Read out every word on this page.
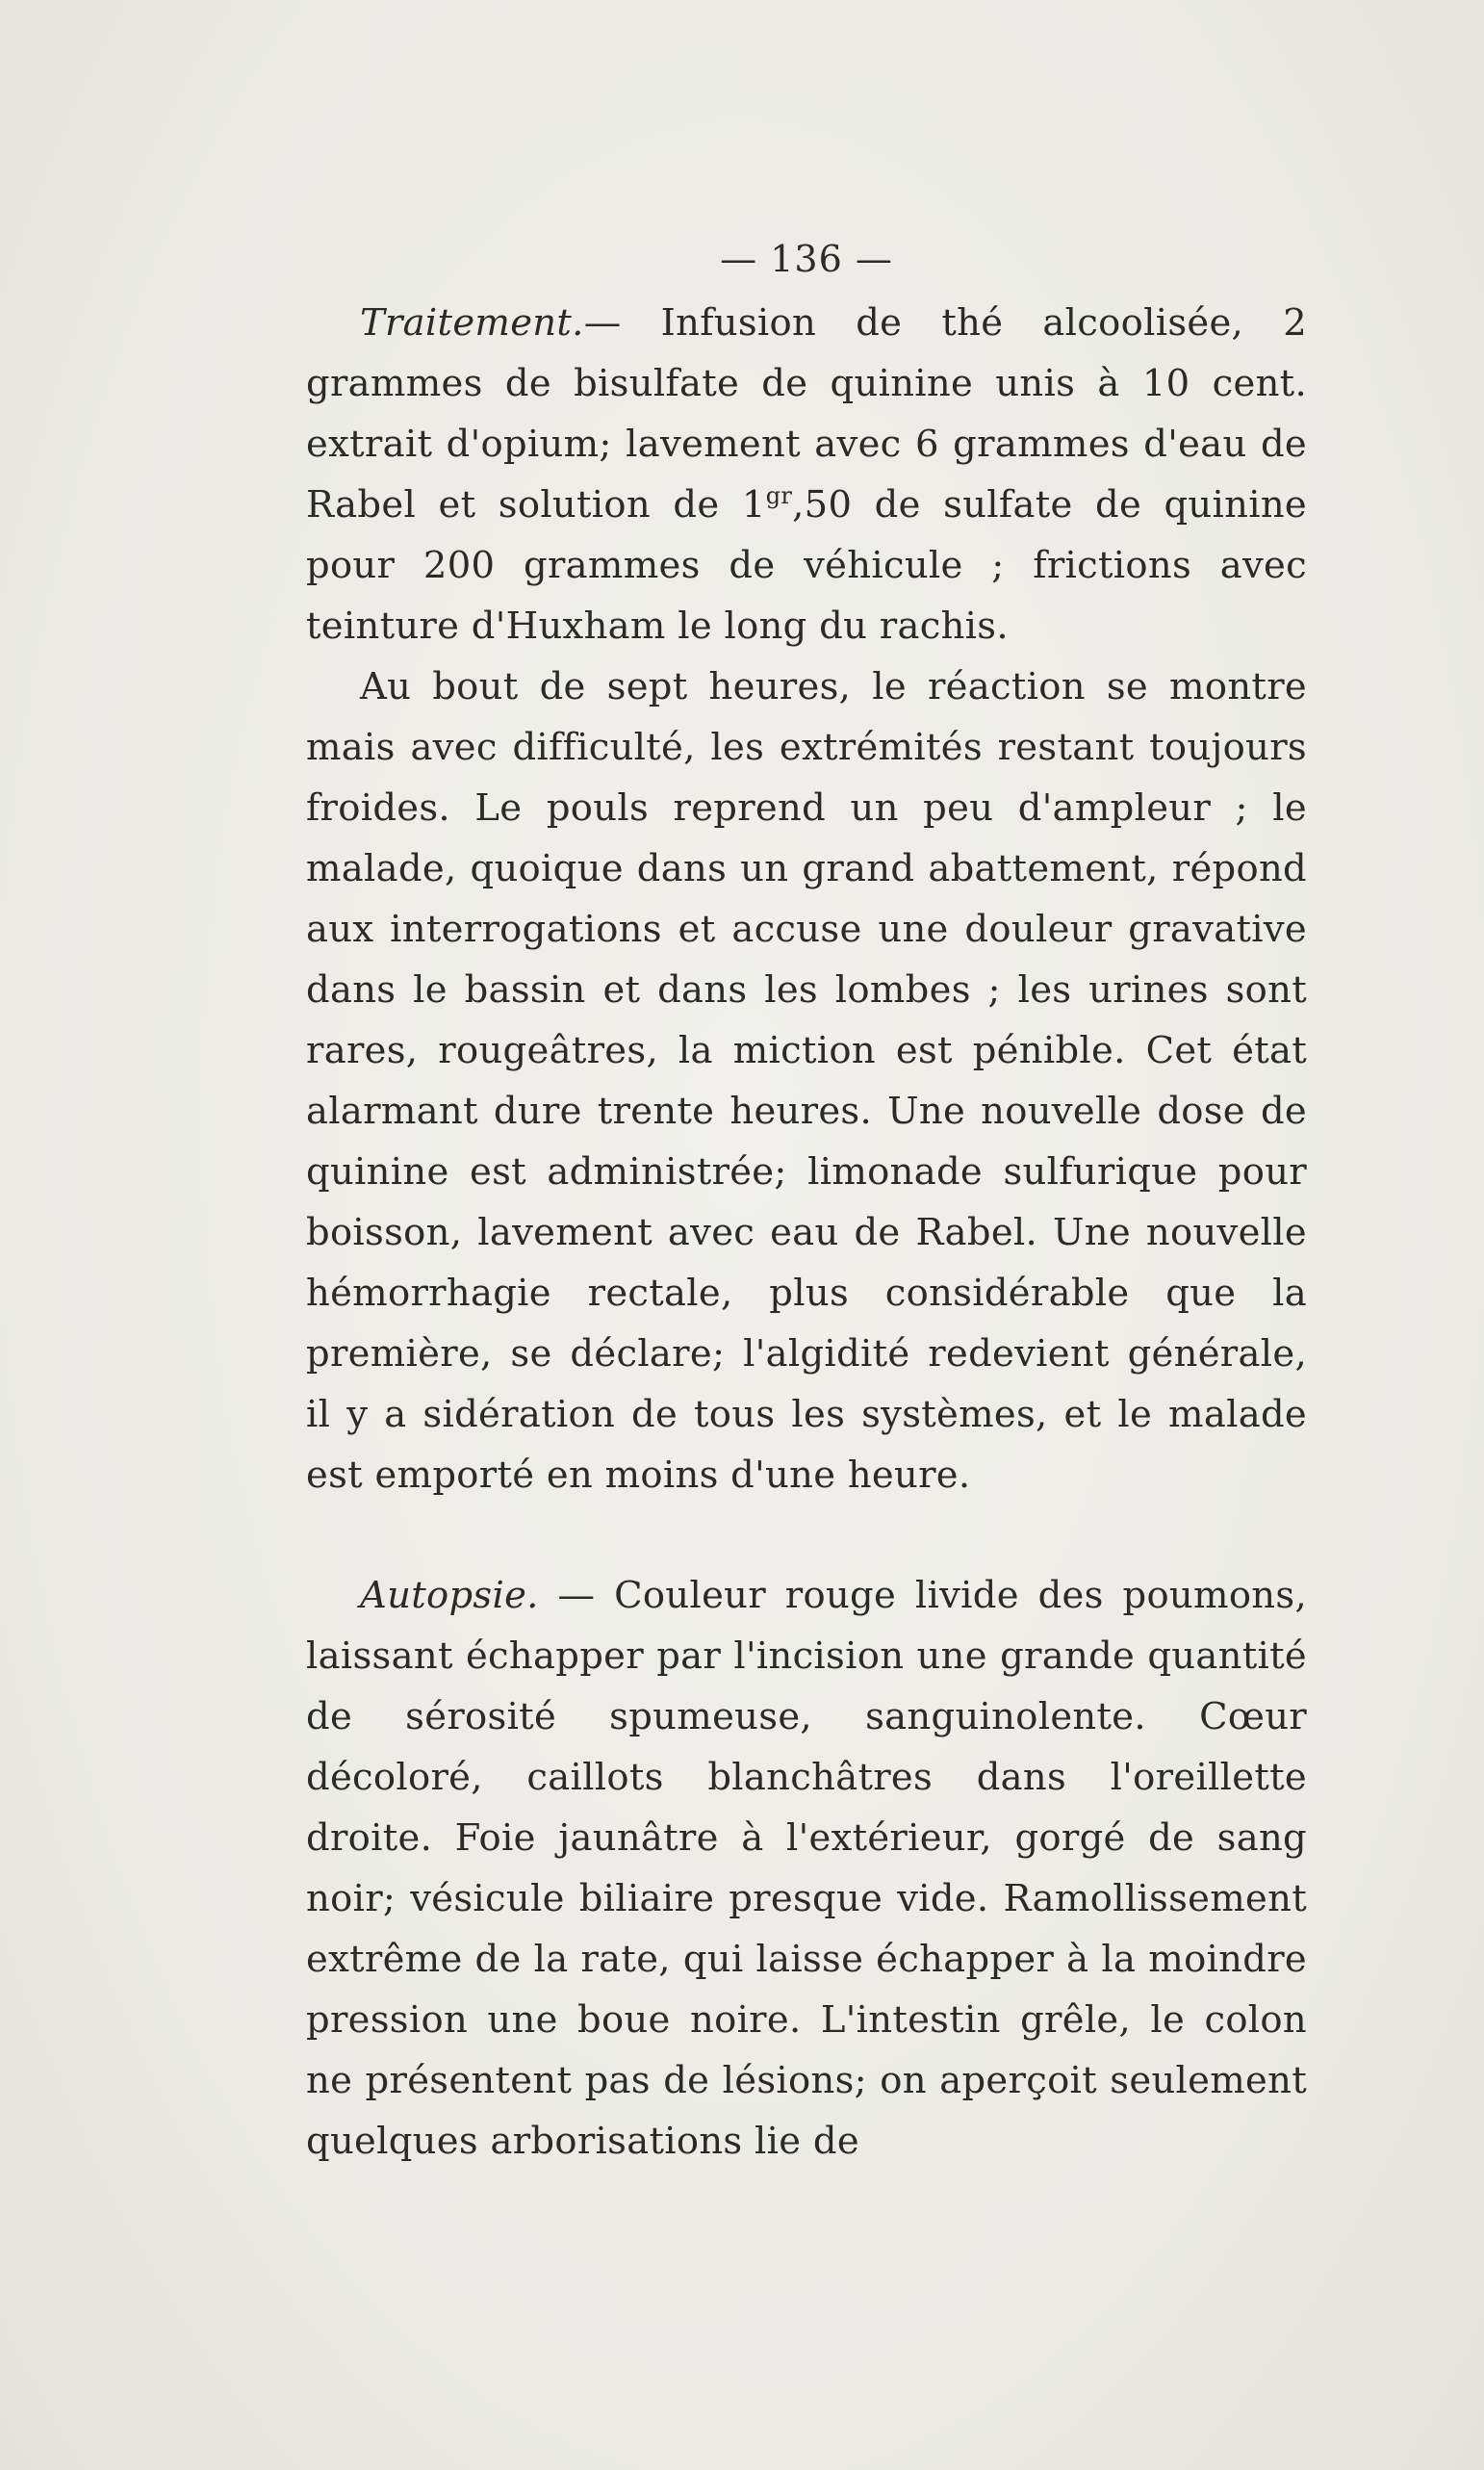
— 136 —

Traitement.— Infusion de thé alcoolisée, 2 grammes de bisulfate de quinine unis à 10 cent. extrait d'opium; lavement avec 6 grammes d'eau de Rabel et solution de $1^{gr},50$ de sulfate de quinine pour 200 grammes de véhicule ; frictions avec teinture d'Huxham le long du rachis.

Au bout de sept heures, le réaction se montre mais avec difficulté, les extrémités restant toujours froides. Le pouls reprend un peu d'ampleur ; le malade, quoique dans un grand abattement, répond aux interrogations et accuse une douleur gravative dans le bassin et dans les lombes ; les urines sont rares, rougeâtres, la miction est pénible. Cet état alarmant dure trente heures. Une nouvelle dose de quinine est administrée; limonade sulfurique pour boisson, lavement avec eau de Rabel. Une nouvelle hémorrhagie rectale, plus considérable que la première, se déclare; l'algidité redevient générale, il y a sidération de tous les systèmes, et le malade est emporté en moins d'une heure.

Autopsie. — Couleur rouge livide des poumons, laissant échapper par l'incision une grande quantité de sérosité spumeuse, sanguinolente. Cœur décoloré, caillots blanchâtres dans l'oreillette droite. Foie jaunâtre à l'extérieur, gorgé de sang noir; vésicule biliaire presque vide. Ramollissement extrême de la rate, qui laisse échapper à la moindre pression une boue noire. L'intestin grêle, le colon ne présentent pas de lésions; on aperçoit seulement quelques arborisations lie de
